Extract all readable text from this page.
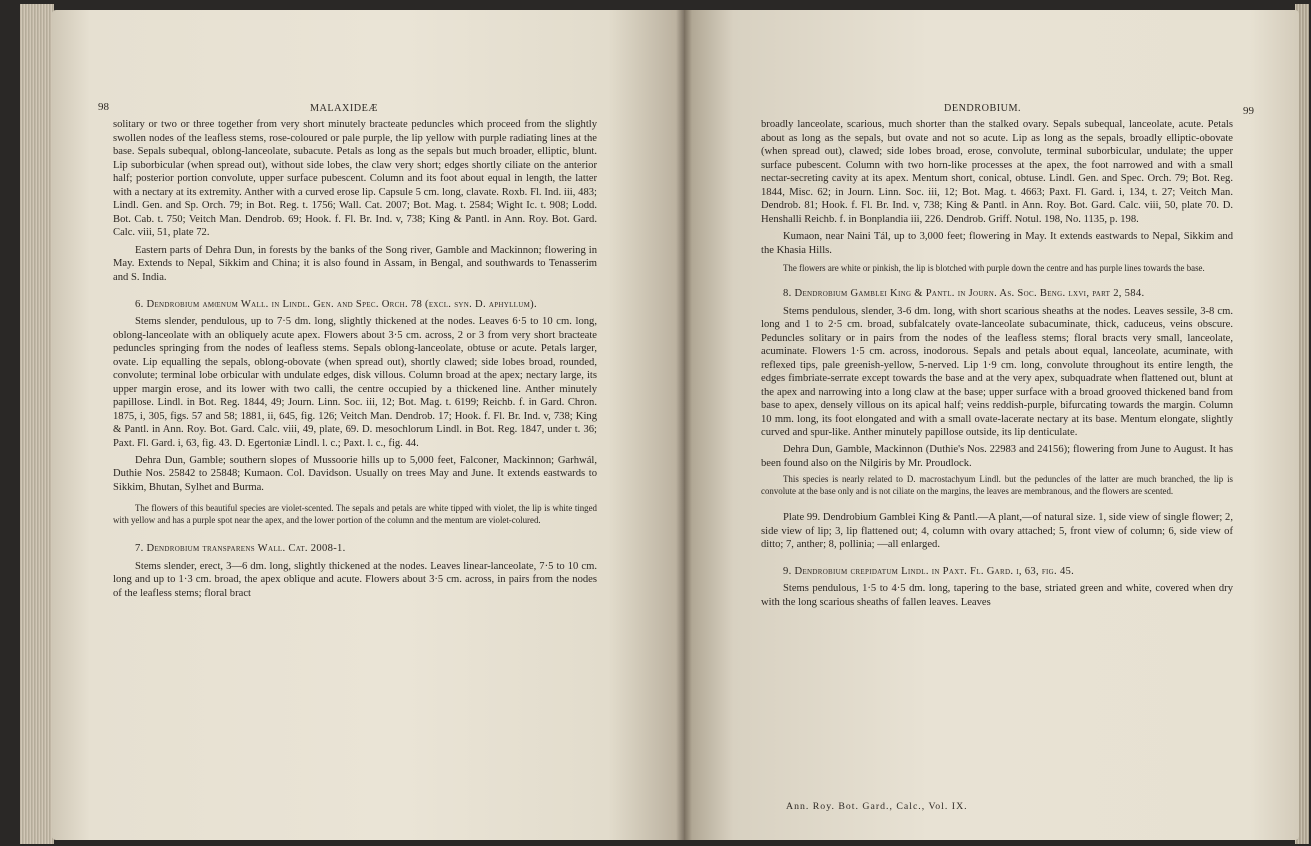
98	MALAXIDEÆ

solitary or two or three together from very short minutely bracteate peduncles which proceed from the slightly swollen nodes of the leafless stems, rose-coloured or pale purple, the lip yellow with purple radiating lines at the base. Sepals subequal, oblong-lanceolate, subacute. Petals as long as the sepals but much broader, elliptic, blunt. Lip suborbicular (when spread out), without side lobes, the claw very short; edges shortly ciliate on the anterior half; posterior portion convolute, upper surface pubescent. Column and its foot about equal in length, the latter with a nectary at its extremity. Anther with a curved erose lip. Capsule 5 cm. long, clavate. Roxb. Fl. Ind. iii, 483; Lindl. Gen. and Sp. Orch. 79; in Bot. Reg. t. 1756; Wall. Cat. 2007; Bot. Mag. t. 2584; Wight Ic. t. 908; Lodd. Bot. Cab. t. 750; Veitch Man. Dendrob. 69; Hook. f. Fl. Br. Ind. v, 738; King & Pantl. in Ann. Roy. Bot. Gard. Calc. viii, 51, plate 72.

Eastern parts of Dehra Dun, in forests by the banks of the Song river, Gamble and Mackinnon; flowering in May. Extends to Nepal, Sikkim and China; it is also found in Assam, in Bengal, and southwards to Tenasserim and S. India.

6. Dendrobium amœnum Wall. in Lindl. Gen. and Spec. Orch. 78 (excl. syn. D. aphyllum).

Stems slender, pendulous, up to 7·5 dm. long, slightly thickened at the nodes. Leaves 6·5 to 10 cm. long, oblong-lanceolate with an obliquely acute apex. Flowers about 3·5 cm. across, 2 or 3 from very short bracteate peduncles springing from the nodes of leafless stems. Sepals oblong-lanceolate, obtuse or acute. Petals larger, ovate. Lip equalling the sepals, oblong-obovate (when spread out), shortly clawed; side lobes broad, rounded, convolute; terminal lobe orbicular with undulate edges, disk villous. Column broad at the apex; nectary large, its upper margin erose, and its lower with two calli, the centre occupied by a thickened line. Anther minutely papillose. Lindl. in Bot. Reg. 1844, 49; Journ. Linn. Soc. iii, 12; Bot. Mag. t. 6199; Reichb. f. in Gard. Chron. 1875, i, 305, figs. 57 and 58; 1881, ii, 645, fig. 126; Veitch Man. Dendrob. 17; Hook. f. Fl. Br. Ind. v, 738; King & Pantl. in Ann. Roy. Bot. Gard. Calc. viii, 49, plate, 69. D. mesochlorum Lindl. in Bot. Reg. 1847, under t. 36; Paxt. Fl. Gard. i, 63, fig. 43. D. Egertoniæ Lindl. l. c.; Paxt. l. c., fig. 44.

Dehra Dun, Gamble; southern slopes of Mussoorie hills up to 5,000 feet, Falconer, Mackinnon; Garhwál, Duthie Nos. 25842 to 25848; Kumaon. Col. Davidson. Usually on trees May and June. It extends eastwards to Sikkim, Bhutan, Sylhet and Burma.

The flowers of this beautiful species are violet-scented. The sepals and petals are white tipped with violet, the lip is white tinged with yellow and has a purple spot near the apex, and the lower portion of the column and the mentum are violet-colured.

7. Dendrobium transparens Wall. Cat. 2008-1.

Stems slender, erect, 3—6 dm. long, slightly thickened at the nodes. Leaves linear-lanceolate, 7·5 to 10 cm. long and up to 1·3 cm. broad, the apex oblique and acute. Flowers about 3·5 cm. across, in pairs from the nodes of the leafless stems; floral bract

DENDROBIUM.	99

broadly lanceolate, scarious, much shorter than the stalked ovary. Sepals subequal, lanceolate, acute. Petals about as long as the sepals, but ovate and not so acute. Lip as long as the sepals, broadly elliptic-obovate (when spread out), clawed; side lobes broad, erose, convolute, terminal suborbicular, undulate; the upper surface pubescent. Column with two horn-like processes at the apex, the foot narrowed and with a small nectar-secreting cavity at its apex. Mentum short, conical, obtuse. Lindl. Gen. and Spec. Orch. 79; Bot. Reg. 1844, Misc. 62; in Journ. Linn. Soc. iii, 12; Bot. Mag. t. 4663; Paxt. Fl. Gard. i, 134, t. 27; Veitch Man. Dendrob. 81; Hook. f. Fl. Br. Ind. v, 738; King & Pantl. in Ann. Roy. Bot. Gard. Calc. viii, 50, plate 70. D. Henshalli Reichb. f. in Bonplandia iii, 226. Dendrob. Griff. Notul. 198, No. 1135, p. 198.

Kumaon, near Naini Tál, up to 3,000 feet; flowering in May. It extends eastwards to Nepal, Sikkim and the Khasia Hills.

The flowers are white or pinkish, the lip is blotched with purple down the centre and has purple lines towards the base.

8. Dendrobium Gamblei King & Pantl. in Journ. As. Soc. Beng. lxvi, part 2, 584.

Stems pendulous, slender, 3-6 dm. long, with short scarious sheaths at the nodes. Leaves sessile, 3-8 cm. long and 1 to 2·5 cm. broad, subfalcately ovate-lanceolate subacuminate, thick, caduceus, veins obscure. Peduncles solitary or in pairs from the nodes of the leafless stems; floral bracts very small, lanceolate, acuminate. Flowers 1·5 cm. across, inodorous. Sepals and petals about equal, lanceolate, acuminate, with reflexed tips, pale greenish-yellow, 5-nerved. Lip 1·9 cm. long, convolute throughout its entire length, the edges fimbriate-serrate except towards the base and at the very apex, subquadrate when flattened out, blunt at the apex and narrowing into a long claw at the base; upper surface with a broad grooved thickened band from base to apex, densely villous on its apical half; veins reddish-purple, bifurcating towards the margin. Column 10 mm. long, its foot elongated and with a small ovate-lacerate nectary at its base. Mentum elongate, slightly curved and spur-like. Anther minutely papillose outside, its lip denticulate.

Dehra Dun, Gamble, Mackinnon (Duthie's Nos. 22983 and 24156); flowering from June to August. It has been found also on the Nilgiris by Mr. Proudlock.

This species is nearly related to D. macrostachyum Lindl. but the peduncles of the latter are much branched, the lip is convolute at the base only and is not ciliate on the margins, the leaves are membranous, and the flowers are scented.

Plate 99. Dendrobium Gamblei King & Pantl.—A plant,—of natural size. 1, side view of single flower; 2, side view of lip; 3, lip flattened out; 4, column with ovary attached; 5, front view of column; 6, side view of ditto; 7, anther; 8, pollinia; —all enlarged.

9. Dendrobium crepidatum Lindl. in Paxt. Fl. Gard. i, 63, fig. 45.

Stems pendulous, 1·5 to 4·5 dm. long, tapering to the base, striated green and white, covered when dry with the long scarious sheaths of fallen leaves. Leaves

Ann. Roy. Bot. Gard., Calc., Vol. IX.
